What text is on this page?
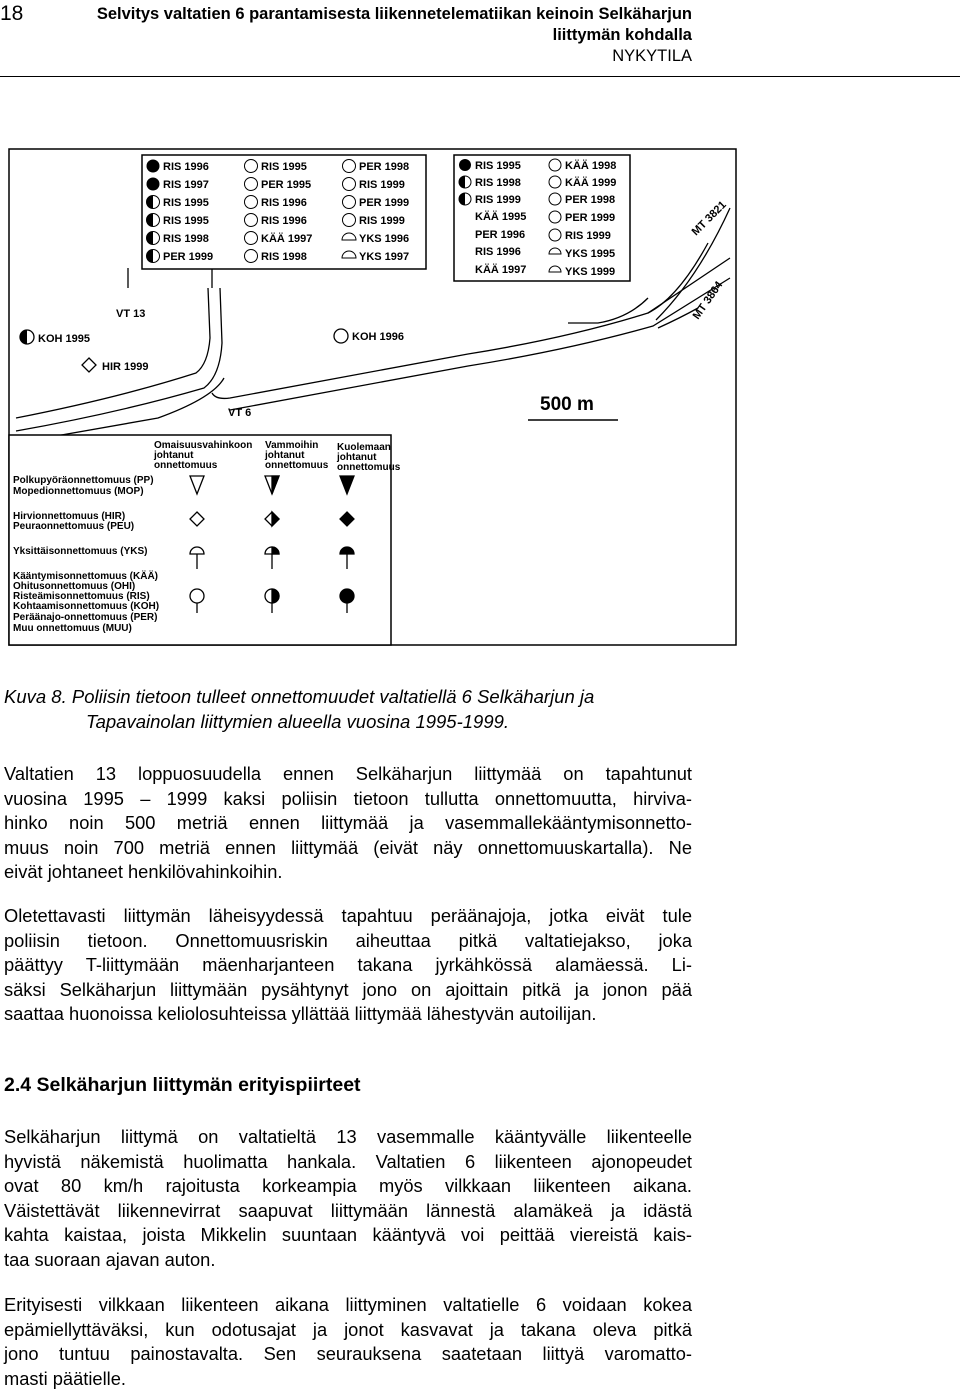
18	Selvitys valtatien 6 parantamisesta liikennetelematiikan keinoin Selkäharjun
liittymän kohdalla
NYKYTILA
VT 13
VT 6
MT 3821
MT 3864
KOH 1995
HIR 1999
KOH 1996
500 m
RIS 1996
RIS 1997
RIS 1995
RIS 1995
RIS 1998
PER 1999
RIS 1995
PER 1995
RIS 1996
RIS 1996
KÄÄ 1997
RIS 1998
PER 1998
RIS 1999
PER 1999
RIS 1999
YKS 1996
YKS 1997
RIS 1995
RIS 1998
RIS 1999
KÄÄ 1995
PER 1996
RIS 1996
KÄÄ 1997
KÄÄ 1998
KÄÄ 1999
PER 1998
PER 1999
RIS 1999
YKS 1995
YKS 1999
Omaisuusvahinkoon
johtanut
onnettomuus
Vammoihin
johtanut
onnettomuus
Kuolemaan
johtanut
onnettomuus
Polkupyöräonnettomuus (PP)
Mopedionnettomuus (MOP)
Hirvionnettomuus (HIR)
Peuraonnettomuus (PEU)
Yksittäisonnettomuus (YKS)
Kääntymisonnettomuus (KÄÄ)
Ohitusonnettomuus (OHI)
Risteämisonnettomuus (RIS)
Kohtaamisonnettomuus (KOH)
Peräänajo-onnettomuus (PER)
Muu onnettomuus (MUU)
Kuva 8. Poliisin tietoon tulleet onnettomuudet valtatiellä 6 Selkäharjun ja
Tapavainolan liittymien alueella vuosina 1995-1999.

Valtatien 13 loppuosuudella ennen Selkäharjun liittymää on tapahtunut
vuosina 1995 – 1999 kaksi poliisin tietoon tullutta onnettomuutta, hirviva-
hinko noin 500 metriä ennen liittymää ja vasemmallekääntymisonnetto-
muus noin 700 metriä ennen liittymää (eivät näy onnettomuuskartalla). Ne
eivät johtaneet henkilövahinkoihin.

Oletettavasti liittymän läheisyydessä tapahtuu peräänajoja, jotka eivät tule
poliisin tietoon. Onnettomuusriskin aiheuttaa pitkä valtatiejakso, joka
päättyy T-liittymään mäenharjanteen takana jyrkähkössä alamäessä. Li-
säksi Selkäharjun liittymään pysähtynyt jono on ajoittain pitkä ja jonon pää
saattaa huonoissa keliolosuhteissa yllättää liittymää lähestyvän autoilijan.

2.4 Selkäharjun liittymän erityispiirteet

Selkäharjun liittymä on valtatieltä 13 vasemmalle kääntyvälle liikenteelle
hyvistä näkemistä huolimatta hankala. Valtatien 6 liikenteen ajonopeudet
ovat 80 km/h rajoitusta korkeampia myös vilkkaan liikenteen aikana.
Väistettävät liikennevirrat saapuvat liittymään lännestä alamäkeä ja idästä
kahta kaistaa, joista Mikkelin suuntaan kääntyvä voi peittää viereistä kais-
taa suoraan ajavan auton.

Erityisesti vilkkaan liikenteen aikana liittyminen valtatielle 6 voidaan kokea
epämiellyttäväksi, kun odotusajat ja jonot kasvavat ja takana oleva pitkä
jono tuntuu painostavalta. Sen seurauksena saatetaan liittyä varomatto-
masti päätielle.
